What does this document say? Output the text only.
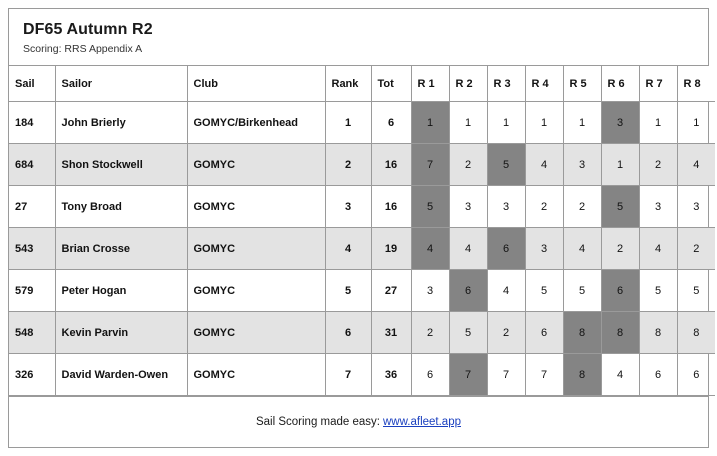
DF65 Autumn R2
Scoring: RRS Appendix A
Sail	Sailor	Club	Rank	Tot	R 1	R 2	R 3	R 4	R 5	R 6	R 7	R 8
184	John Brierly	GOMYC/Birkenhead	1	6	1	1	1	1	1	3	1	1
684	Shon Stockwell	GOMYC	2	16	7	2	5	4	3	1	2	4
27	Tony Broad	GOMYC	3	16	5	3	3	2	2	5	3	3
543	Brian Crosse	GOMYC	4	19	4	4	6	3	4	2	4	2
579	Peter Hogan	GOMYC	5	27	3	6	4	5	5	6	5	5
548	Kevin Parvin	GOMYC	6	31	2	5	2	6	8	8	8	8
326	David Warden-Owen	GOMYC	7	36	6	7	7	7	8	4	6	6
Sail Scoring made easy: www.afleet.app
